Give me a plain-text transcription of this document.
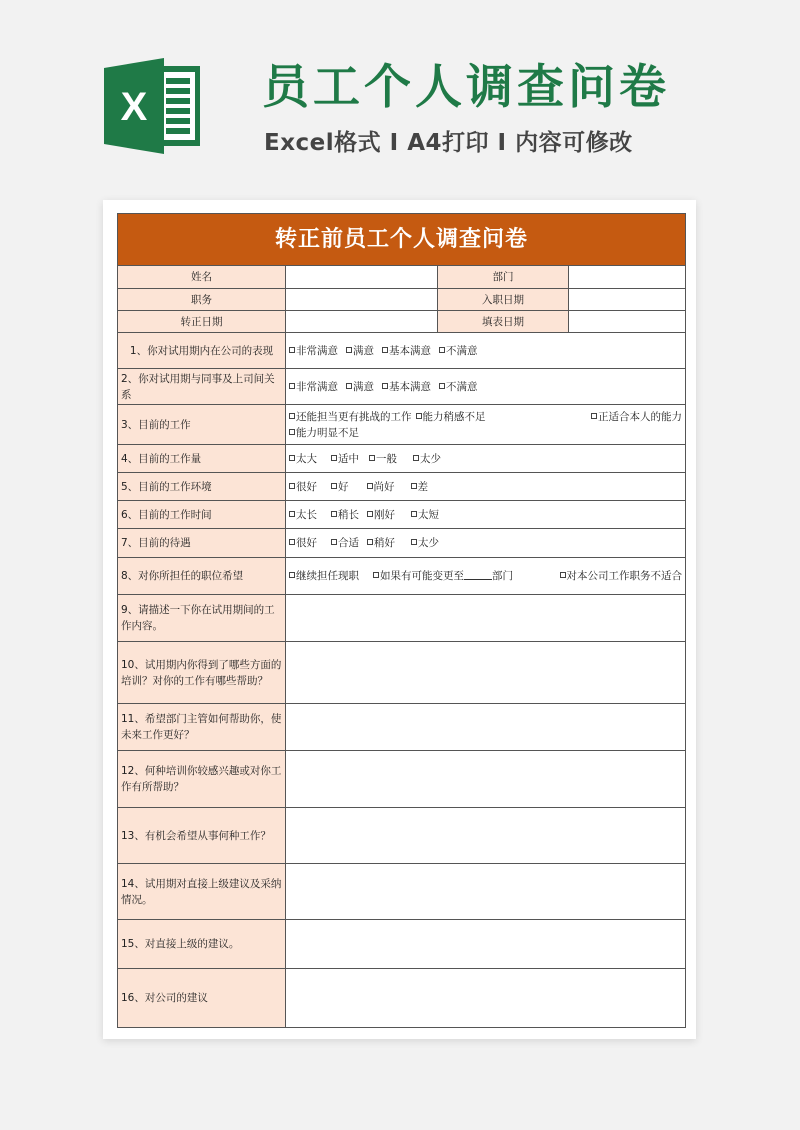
X 员工个人调查问卷
Excel格式 I A4打印 I 内容可修改
转正前员工个人调查问卷			
姓名		部门	
职务		入职日期	
转正日期		填表日期	
1、你对试用期内在公司的表现	非常满意 满意 基本满意 不满意		
2、你对试用期与同事及上司间关系	非常满意 满意 基本满意 不满意		
3、目前的工作	还能担当更有挑战的工作 能力稍感不足 正适合本人的能力
能力明显不足		

4、目前的工作量	太大 适中 一般 太少		
5、目前的工作环境	很好 好 尚好 差		
6、目前的工作时间	太长 稍长 刚好 太短		
7、目前的待遇	很好 合适 稍好 太少		
8、对你所担任的职位希望	继续担任现职 如果有可能变更至 部门 对本公司工作职务不适合		

9、请描述一下你在试用期间的工作内容。			
10、试用期内你得到了哪些方面的培训？对你的工作有哪些帮助？			
11、希望部门主管如何帮助你，使未来工作更好？			
12、何种培训你较感兴趣或对你工作有所帮助？			
13、有机会希望从事何种工作？			
14、试用期对直接上级建议及采纳情况。			
15、对直接上级的建议。			
16、对公司的建议			
